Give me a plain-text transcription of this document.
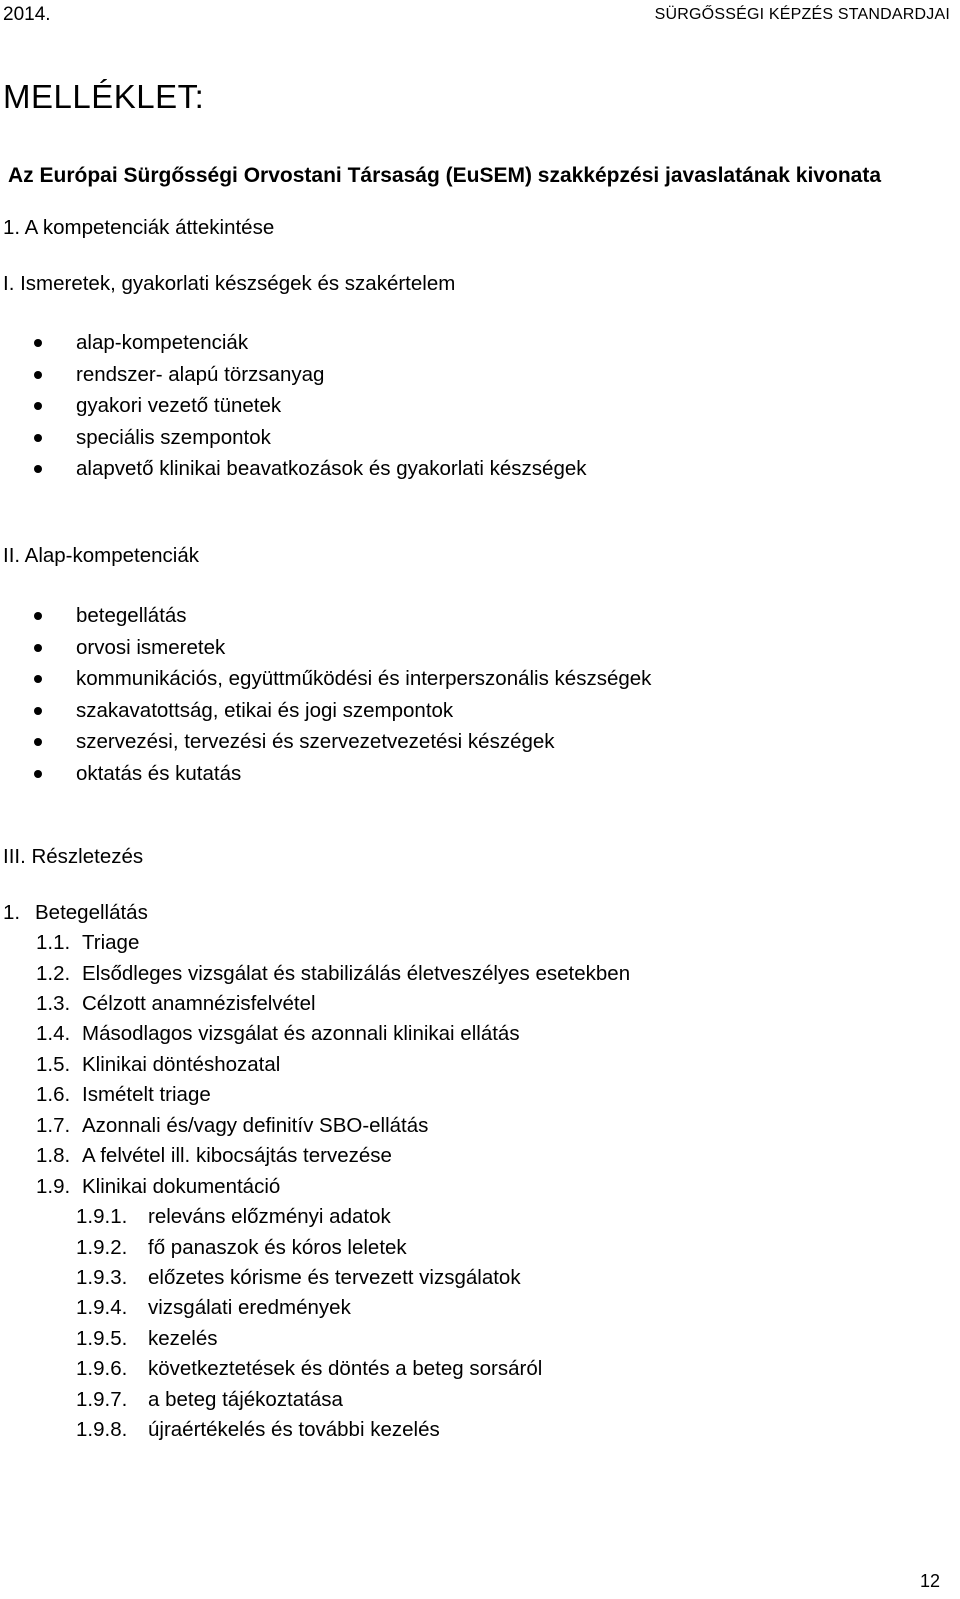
2014.	SÜRGŐSSÉGI KÉPZÉS STANDARDJAI
MELLÉKLET:
Az Európai Sürgősségi Orvostani Társaság (EuSEM) szakképzési javaslatának kivonata
1. A kompetenciák áttekintése
I. Ismeretek, gyakorlati készségek és szakértelem
alap-kompetenciák
rendszer- alapú törzsanyag
gyakori vezető tünetek
speciális szempontok
alapvető klinikai beavatkozások és gyakorlati készségek
II. Alap-kompetenciák
betegellátás
orvosi ismeretek
kommunikációs, együttműködési és interperszonális készségek
szakavatottság, etikai és jogi szempontok
szervezési, tervezési és szervezetvezetési készégek
oktatás és kutatás
III. Részletezés
1. Betegellátás
1.1. Triage
1.2. Elsődleges vizsgálat és stabilizálás életveszélyes esetekben
1.3. Célzott anamnézisfelvétel
1.4. Másodlagos vizsgálat és azonnali klinikai ellátás
1.5. Klinikai döntéshozatal
1.6. Ismételt triage
1.7. Azonnali és/vagy definitív SBO-ellátás
1.8. A felvétel ill. kibocsájtás tervezése
1.9. Klinikai dokumentáció
1.9.1. releváns előzményi adatok
1.9.2. fő panaszok és kóros leletek
1.9.3. előzetes kórisme és tervezett vizsgálatok
1.9.4. vizsgálati eredmények
1.9.5. kezelés
1.9.6. következtetések és döntés a beteg sorsáról
1.9.7. a beteg tájékoztatása
1.9.8. újraértékelés és további kezelés
12
